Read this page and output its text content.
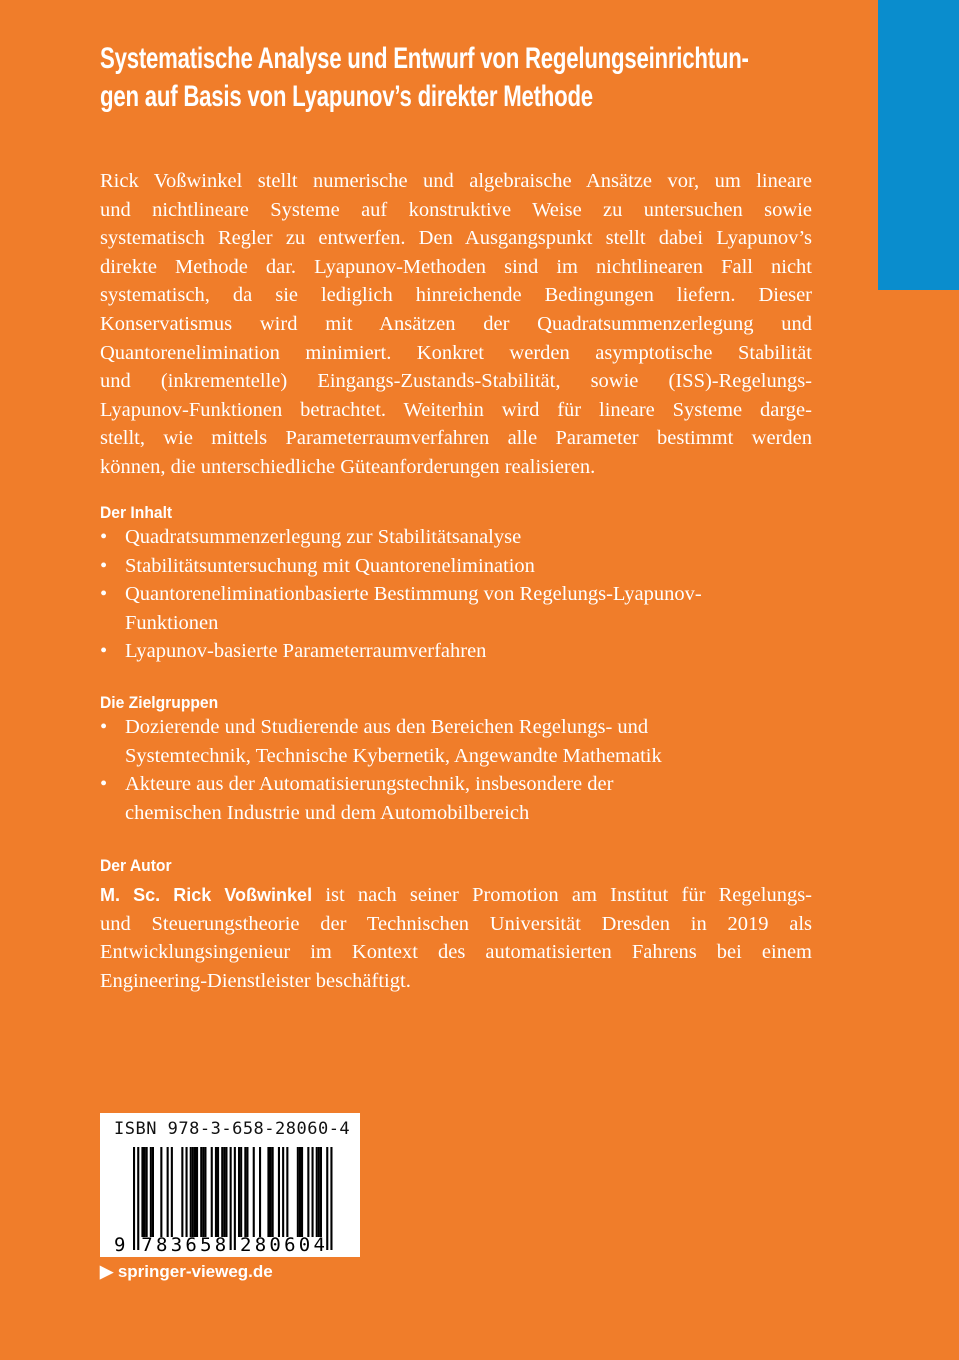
Systematische Analyse und Entwurf von Regelungseinrichtun-
gen auf Basis von Lyapunov’s direkter Methode
Rick Voßwinkel stellt numerische und algebraische Ansätze vor, um lineare
und nichtlineare Systeme auf konstruktive Weise zu untersuchen sowie
systematisch Regler zu entwerfen. Den Ausgangspunkt stellt dabei Lyapunov’s
direkte Methode dar. Lyapunov-Methoden sind im nichtlinearen Fall nicht
systematisch, da sie lediglich hinreichende Bedingungen liefern. Dieser
Konservatismus wird mit Ansätzen der Quadratsummenzerlegung und
Quantorenelimination minimiert. Konkret werden asymptotische Stabilität
und (inkrementelle) Eingangs-Zustands-Stabilität, sowie (ISS)-Regelungs-
Lyapunov-Funktionen betrachtet. Weiterhin wird für lineare Systeme darge-
stellt, wie mittels Parameterraumverfahren alle Parameter bestimmt werden
können, die unterschiedliche Güteanforderungen realisieren.
Der Inhalt
• Quadratsummenzerlegung zur Stabilitätsanalyse
• Stabilitätsuntersuchung mit Quantorenelimination
• Quantoreneliminationbasierte Bestimmung von Regelungs-Lyapunov-
Funktionen
• Lyapunov-basierte Parameterraumverfahren
Die Zielgruppen
• Dozierende und Studierende aus den Bereichen Regelungs- und
Systemtechnik, Technische Kybernetik, Angewandte Mathematik
• Akteure aus der Automatisierungstechnik, insbesondere der
chemischen Industrie und dem Automobilbereich
Der Autor
M. Sc. Rick Voßwinkel ist nach seiner Promotion am Institut für Regelungs-
und Steuerungstheorie der Technischen Universität Dresden in 2019 als
Entwicklungsingenieur im Kontext des automatisierten Fahrens bei einem
Engineering-Dienstleister beschäftigt.
ISBN 978-3-658-28060-4
9 7 8 3 6 5 8 2 8 0 6 0 4
▶ springer-vieweg.de
